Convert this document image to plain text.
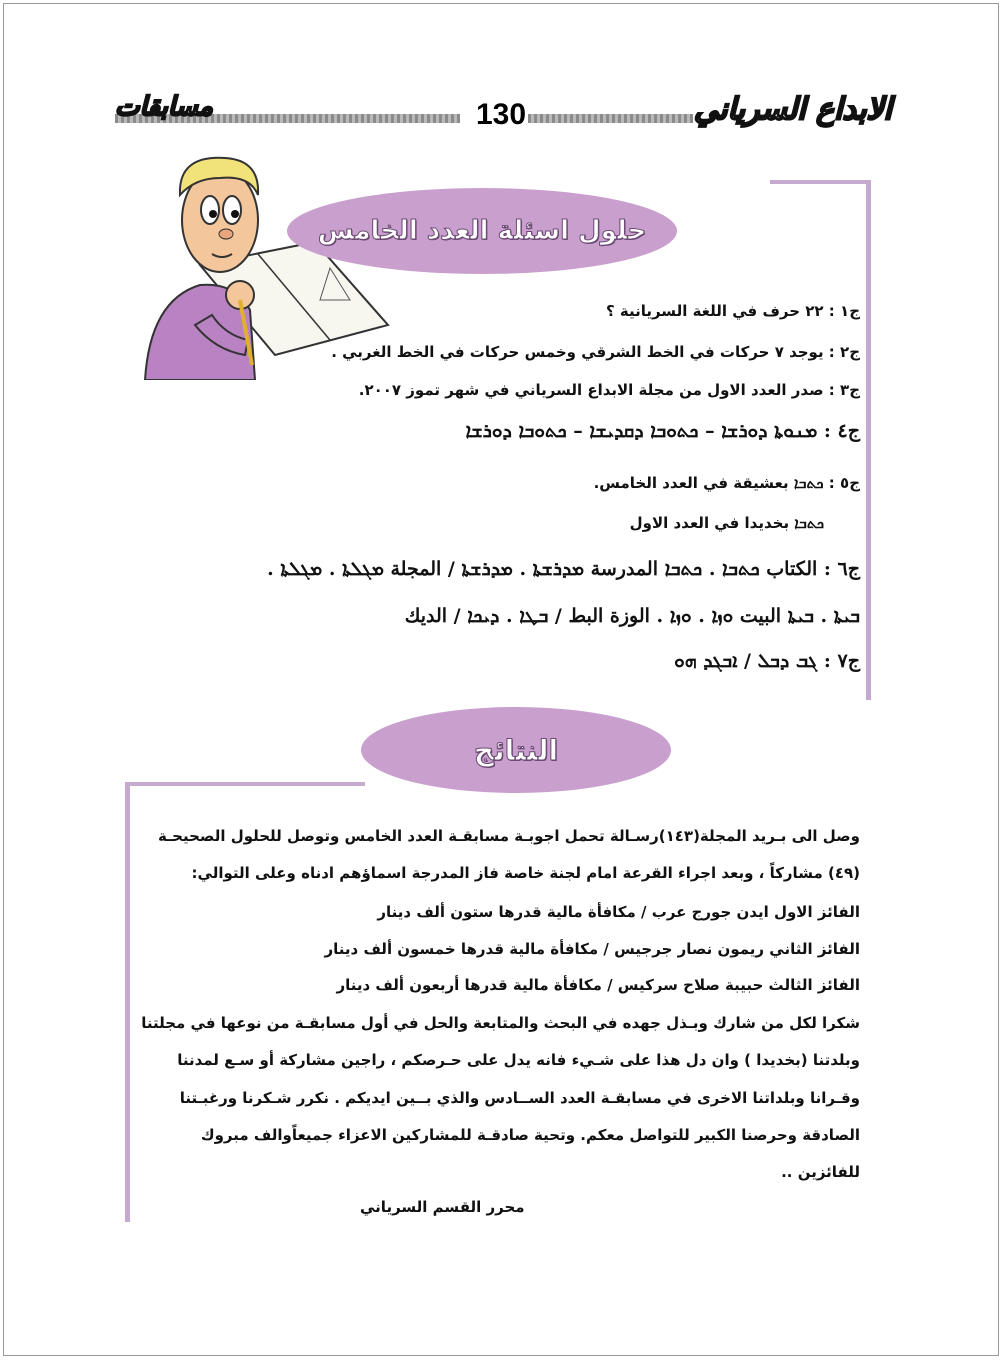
مسابقات	130	الابداع السرياني
حلول اسئلة العدد الخامس
ج١ : ٢٢ حرف في اللغة السريانية ؟
ج٢ : يوجد ٧ حركات في الخط الشرقي وخمس حركات في الخط الغربي .
ج٣ : صدر العدد الاول من مجلة الابداع السرياني في شهر تموز ٢٠٠٧.
ج٤ : ܡܢܘܬܐ ܕܘܪܫܐ – ܟܬܘܒܐ ܕܩܕܝܫܐ – ܟܬܘܒܐ ܕܘܪܫܐ
ج٥ : ܟܬܒܐ بعشيقة في العدد الخامس.
ܟܬܒܐ بخديدا في العدد الاول
ج٦ : الكتاب ܟܬܒܐ . ܟܬܒܐ المدرسة ܡܕܪܫܬܐ . ܡܕܪܫܬܐ / المجلة ܡܓܠܬܐ . ܡܓܠܬܐ .
ܒܝܬܐ . ܒܝܬܐ البيت ܘܙܐ . ܘܙܐ . الوزة البط / ܒܛܐ . ܕܝܟܐ / الديك
ج٧ : ܓܒ ܕܒܠ / ܐܒܓܕ ܗܘ
النتائج
وصل الى بـريد المجلة(١٤٣)رسـالة تحمل اجوبـة مسابقـة العدد الخامس وتوصل للحلول الصحيحـة
(٤٩) مشاركاً ، وبعد اجراء القرعة امام لجنة خاصة فاز المدرجة اسماؤهم ادناه وعلى التوالي:
الفائز الاول ايدن جورج عرب / مكافأة مالية قدرها ستون ألف دينار
الفائز الثاني ريمون نصار جرجيس / مكافأة مالية قدرها خمسون ألف دينار
الفائز الثالث حبيبة صلاح سركيس / مكافأة مالية قدرها أربعون ألف دينار
شكرا لكل من شارك وبـذل جهده في البحث والمتابعة والحل في أول مسابقـة من نوعها في مجلتنا
وبلدتنا (بخديدا ) وان دل هذا على شـيء فانه يدل على حـرصكم ، راجين مشاركة أو سـع لمدننا
وقـرانا وبلداتنا الاخرى في مسابقـة العدد الســادس والذي بــين ايديكم . نكرر شـكرنا ورغبـتنا
الصادقة وحرصنا الكبير للتواصل معكم. وتحية صادقـة للمشاركين الاعزاء جميعاًوالف مبروك
للفائزين ..
محرر القسم السرياني
